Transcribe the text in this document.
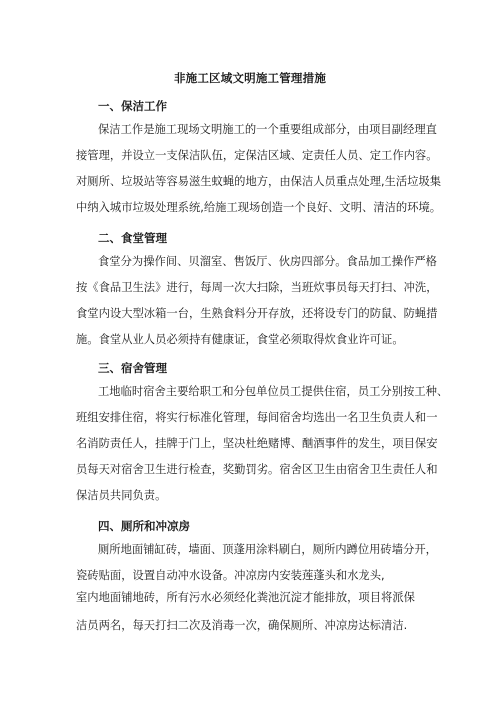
非施工区域文明施工管理措施
一、保洁工作
保洁工作是施工现场文明施工的一个重要组成部分，由项目副经理直
接管理，并设立一支保洁队伍，定保洁区域、定责任人员、定工作内容。
对厕所、垃圾站等容易滋生蚊蝇的地方，由保洁人员重点处理,生活垃圾集
中纳入城市垃圾处理系统,给施工现场创造一个良好、文明、清洁的环境。
二、食堂管理
食堂分为操作间、贝溜室、售饭厅、伙房四部分。食品加工操作严格
按《食品卫生法》进行，每周一次大扫除，当班炊事员每天打扫、冲洗，
食堂内设大型冰箱一台，生熟食料分开存放，还将设专门的防鼠、防蝇措
施。食堂从业人员必须持有健康证，食堂必须取得炊食业许可证。
三、宿舍管理
工地临时宿舍主要给职工和分包单位员工提供住宿，员工分别按工种、
班组安排住宿，将实行标准化管理，每间宿舍均选出一名卫生负责人和一
名消防责任人，挂牌于门上，坚决杜绝赌博、酗酒事件的发生，项目保安
员每天对宿舍卫生进行检查，奖勤罚劣。宿舍区卫生由宿舍卫生责任人和
保洁员共同负责。
四、厕所和冲凉房
厕所地面铺缸砖，墙面、顶蓬用涂料刷白，厕所内蹲位用砖墙分开，
瓷砖贴面，设置自动冲水设备。冲凉房内安装莲蓬头和水龙头,
室内地面铺地砖，所有污水必须经化粪池沉淀才能排放，项目将派保
洁员两名，每天打扫二次及消毒一次，确保厕所、冲凉房达标清洁.
